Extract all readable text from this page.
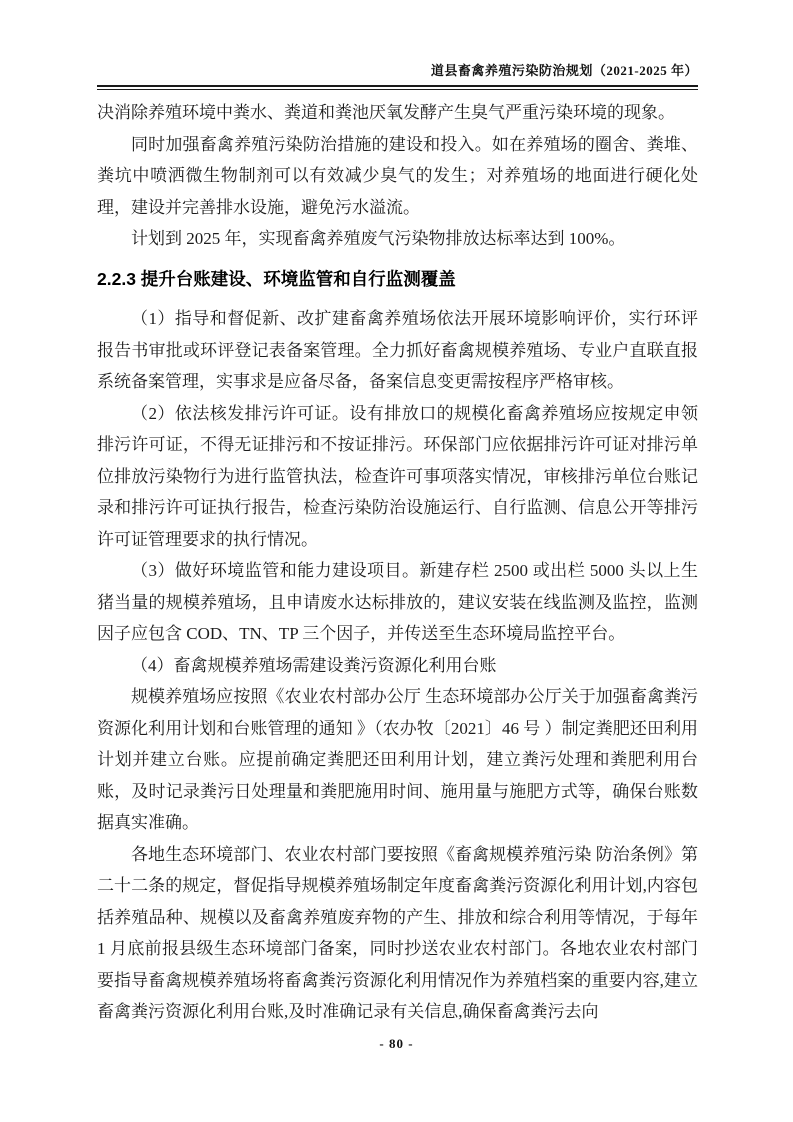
道县畜禽养殖污染防治规划（2021-2025 年）

决消除养殖环境中粪水、粪道和粪池厌氧发酵产生臭气严重污染环境的现象。

同时加强畜禽养殖污染防治措施的建设和投入。如在养殖场的圈舍、粪堆、粪坑中喷洒微生物制剂可以有效减少臭气的发生；对养殖场的地面进行硬化处理，建设并完善排水设施，避免污水溢流。

计划到 2025 年，实现畜禽养殖废气污染物排放达标率达到 100%。

2.2.3 提升台账建设、环境监管和自行监测覆盖

（1）指导和督促新、改扩建畜禽养殖场依法开展环境影响评价，实行环评报告书审批或环评登记表备案管理。全力抓好畜禽规模养殖场、专业户直联直报系统备案管理，实事求是应备尽备，备案信息变更需按程序严格审核。

（2）依法核发排污许可证。设有排放口的规模化畜禽养殖场应按规定申领排污许可证，不得无证排污和不按证排污。环保部门应依据排污许可证对排污单位排放污染物行为进行监管执法，检查许可事项落实情况，审核排污单位台账记录和排污许可证执行报告，检查污染防治设施运行、自行监测、信息公开等排污许可证管理要求的执行情况。

（3）做好环境监管和能力建设项目。新建存栏 2500 或出栏 5000 头以上生猪当量的规模养殖场，且申请废水达标排放的，建议安装在线监测及监控，监测因子应包含 COD、TN、TP 三个因子，并传送至生态环境局监控平台。

（4）畜禽规模养殖场需建设粪污资源化利用台账

规模养殖场应按照《农业农村部办公厅 生态环境部办公厅关于加强畜禽粪污资源化利用计划和台账管理的通知 》（农办牧〔2021〕46 号 ）制定粪肥还田利用计划并建立台账。应提前确定粪肥还田利用计划，建立粪污处理和粪肥利用台账，及时记录粪污日处理量和粪肥施用时间、施用量与施肥方式等，确保台账数据真实准确。

各地生态环境部门、农业农村部门要按照《畜禽规模养殖污染 防治条例》第二十二条的规定，督促指导规模养殖场制定年度畜禽粪污资源化利用计划,内容包括养殖品种、规模以及畜禽养殖废弃物的产生、排放和综合利用等情况，于每年 1 月底前报县级生态环境部门备案，同时抄送农业农村部门。各地农业农村部门要指导畜禽规模养殖场将畜禽粪污资源化利用情况作为养殖档案的重要内容,建立畜禽粪污资源化利用台账,及时准确记录有关信息,确保畜禽粪污去向

- 80 -
